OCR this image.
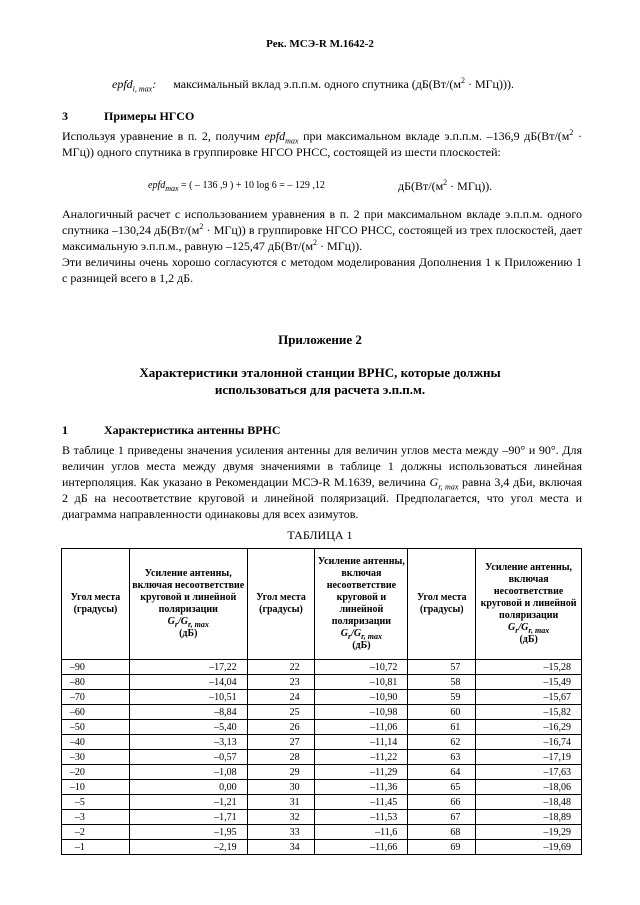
Рек. МСЭ-R М.1642-2
epfd$_{i, max}$: максимальный вклад э.п.п.м. одного спутника $(дБ(Вт/(м^2 \cdot МГц)))$.
3	Примеры НГСО
Используя уравнение в п. 2, получим epfd$_{max}$ при максимальном вкладе э.п.п.м. –136,9 $дБ(Вт/(м^2 \cdot МГц))$ одного спутника в группировке НГСО РНСС, состоящей из шести плоскостей:
epfd$_{max}$ = ( – 136 ,9 ) + 10 log 6 = – 129 ,12	$дБ(Вт/(м^2 \cdot МГц))$.
Аналогичный расчет с использованием уравнения в п. 2 при максимальном вкладе э.п.п.м. одного спутника –130,24 $дБ(Вт/(м^2 \cdot МГц))$ в группировке НГСО РНСС, состоящей из трех плоскостей, дает максимальную э.п.п.м., равную –125,47 $дБ(Вт/(м^2 \cdot МГц))$.
Эти величины очень хорошо согласуются с методом моделирования Дополнения 1 к Приложению 1 с разницей всего в 1,2 дБ.
Приложение 2
Характеристики эталонной станции ВРНС, которые должны
использоваться для расчета э.п.п.м.
1	Характеристика антенны ВРНС
В таблице 1 приведены значения усиления антенны для величин углов места между –90° и 90°. Для величин углов места между двумя значениями в таблице 1 должны использоваться линейная интерполяция. Как указано в Рекомендации МСЭ-R M.1639, величина $G_{r, max}$ равна 3,4 дБи, включая 2 дБ на несоответствие круговой и линейной поляризаций. Предполагается, что угол места и диаграмма направленности одинаковы для всех азимутов.
ТАБЛИЦА 1
Угол места (градусы)	Усиление антенны, включая несоответствие круговой и линейной поляризации
$G_r/G_{r, max}$
(дБ)	Угол места (градусы)	Усиление антенны, включая несоответствие круговой и линейной поляризации
$G_r/G_{r, max}$
(дБ)	Угол места (градусы)	Усиление антенны, включая несоответствие круговой и линейной поляризации
$G_r/G_{r, max}$
(дБ)
–90	–17,22	22	–10,72	57	–15,28
–80	–14,04	23	–10,81	58	–15,49
–70	–10,51	24	–10,90	59	–15,67
–60	–8,84	25	–10,98	60	–15,82
–50	–5,40	26	–11,06	61	–16,29
–40	–3,13	27	–11,14	62	–16,74
–30	–0,57	28	–11,22	63	–17,19
–20	–1,08	29	–11,29	64	–17,63
–10	0,00	30	–11,36	65	–18,06
–5	–1,21	31	–11,45	66	–18,48
–3	–1,71	32	–11,53	67	–18,89
–2	–1,95	33	–11,6	68	–19,29
–1	–2,19	34	–11,66	69	–19,69
